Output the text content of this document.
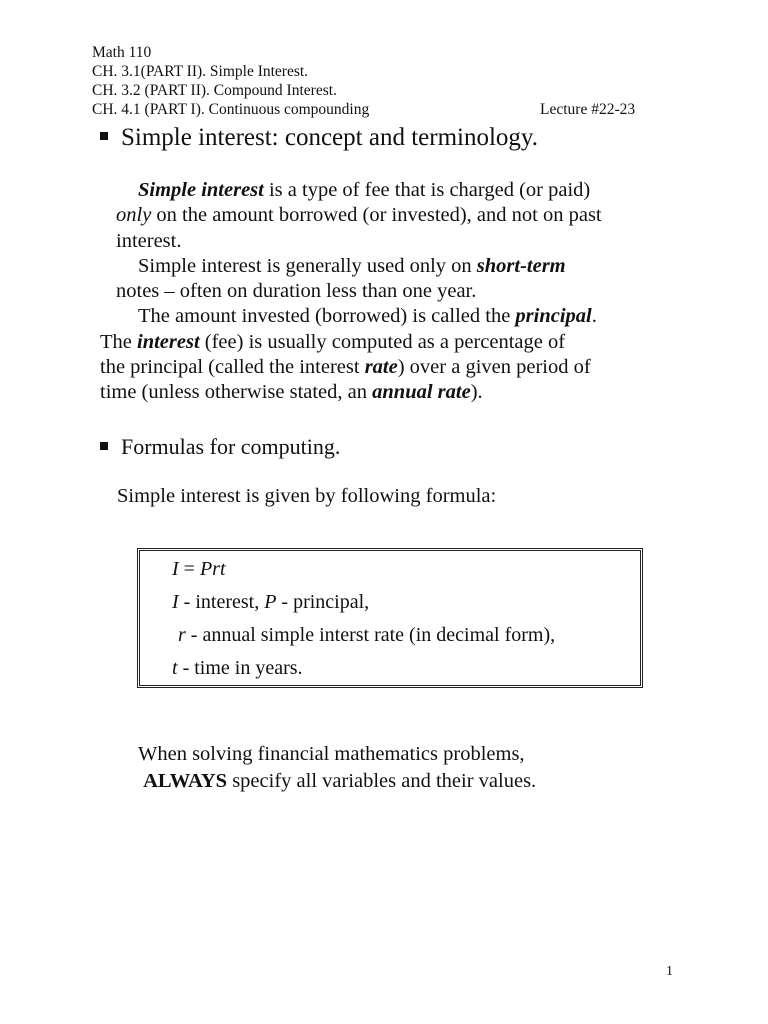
Math 110
CH. 3.1(PART II). Simple Interest.
CH. 3.2 (PART II). Compound Interest.
CH. 4.1 (PART I). Continuous compounding	Lecture #22-23
Simple interest: concept and terminology.
Simple interest is a type of fee that is charged (or paid)
only on the amount borrowed (or invested), and not on past
interest.
Simple interest is generally used only on short-term
notes – often on duration less than one year.
The amount invested (borrowed) is called the principal.
The interest (fee) is usually computed as a percentage of
the principal (called the interest rate) over a given period of
time (unless otherwise stated, an annual rate).
Formulas for computing.
Simple interest is given by following formula:
I = Prt
I - interest, P - principal,
r - annual simple interst rate (in decimal form),
t - time in years.
When solving financial mathematics problems,
ALWAYS specify all variables and their values.
1
